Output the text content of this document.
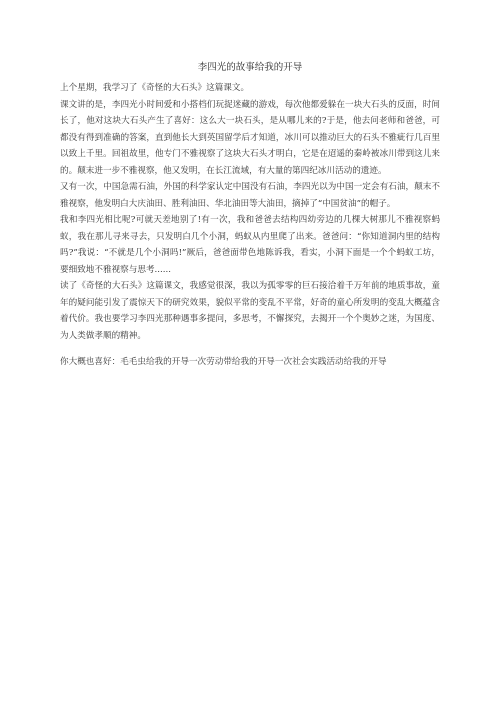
李四光的故事给我的开导

上个星期，我学习了《奇怪的大石头》这篇课文。

课文讲的是，李四光小时间爱和小搭档们玩捉迷藏的游戏，每次他都爱躲在一块大石头的反面，时间长了，他对这块大石头产生了喜好：这么大一块石头，是从哪儿来的?于是，他去问老师和爸爸，可都没有得到准确的答案，直到他长大到英国留学后才知道，冰川可以推动巨大的石头不雅疵行几百里以致上千里。回祖故里，他专门不雅视察了这块大石头才明白，它是在迢遥的秦岭被冰川带到这儿来的。颠末进一步不雅视察，他又发明，在长江流域，有大量的第四纪冰川活动的遗迹。

又有一次，中国急需石油，外国的科学家认定中国没有石油，李四光以为中国一定会有石油，颠末不雅视察，他发明白大庆油田、胜利油田、华北油田等大油田，摘掉了“中国贫油”的帽子。

我和李四光相比呢?可就天差地别了!有一次，我和爸爸去结构四幼旁边的几棵大树那儿不雅视察蚂蚁，我在那儿寻来寻去，只发明白几个小洞，蚂蚁从内里爬了出来。爸爸问：“你知道洞内里的结构吗?”我说：“不就是几个小洞吗!”厥后，爸爸面带色地陈诉我，看实，小洞下面是一个个蚂蚁工坊，要细致地不雅视察与思考......

读了《奇怪的大石头》这篇课文，我感觉很深，我以为孤零零的巨石接洽着千万年前的地质事故，童年的疑问能引发了震惊天下的研究效果，貌似平常的变乱不平常，好奇的童心所发明的变乱大概蕴含着代价。我也要学习李四光那种遇事多提问，多思考，不懈探究，去揭开一个个奥妙之迷，为国度、为人类做孝顺的精神。

你大概也喜好：毛毛虫给我的开导一次劳动带给我的开导一次社会实践活动给我的开导
